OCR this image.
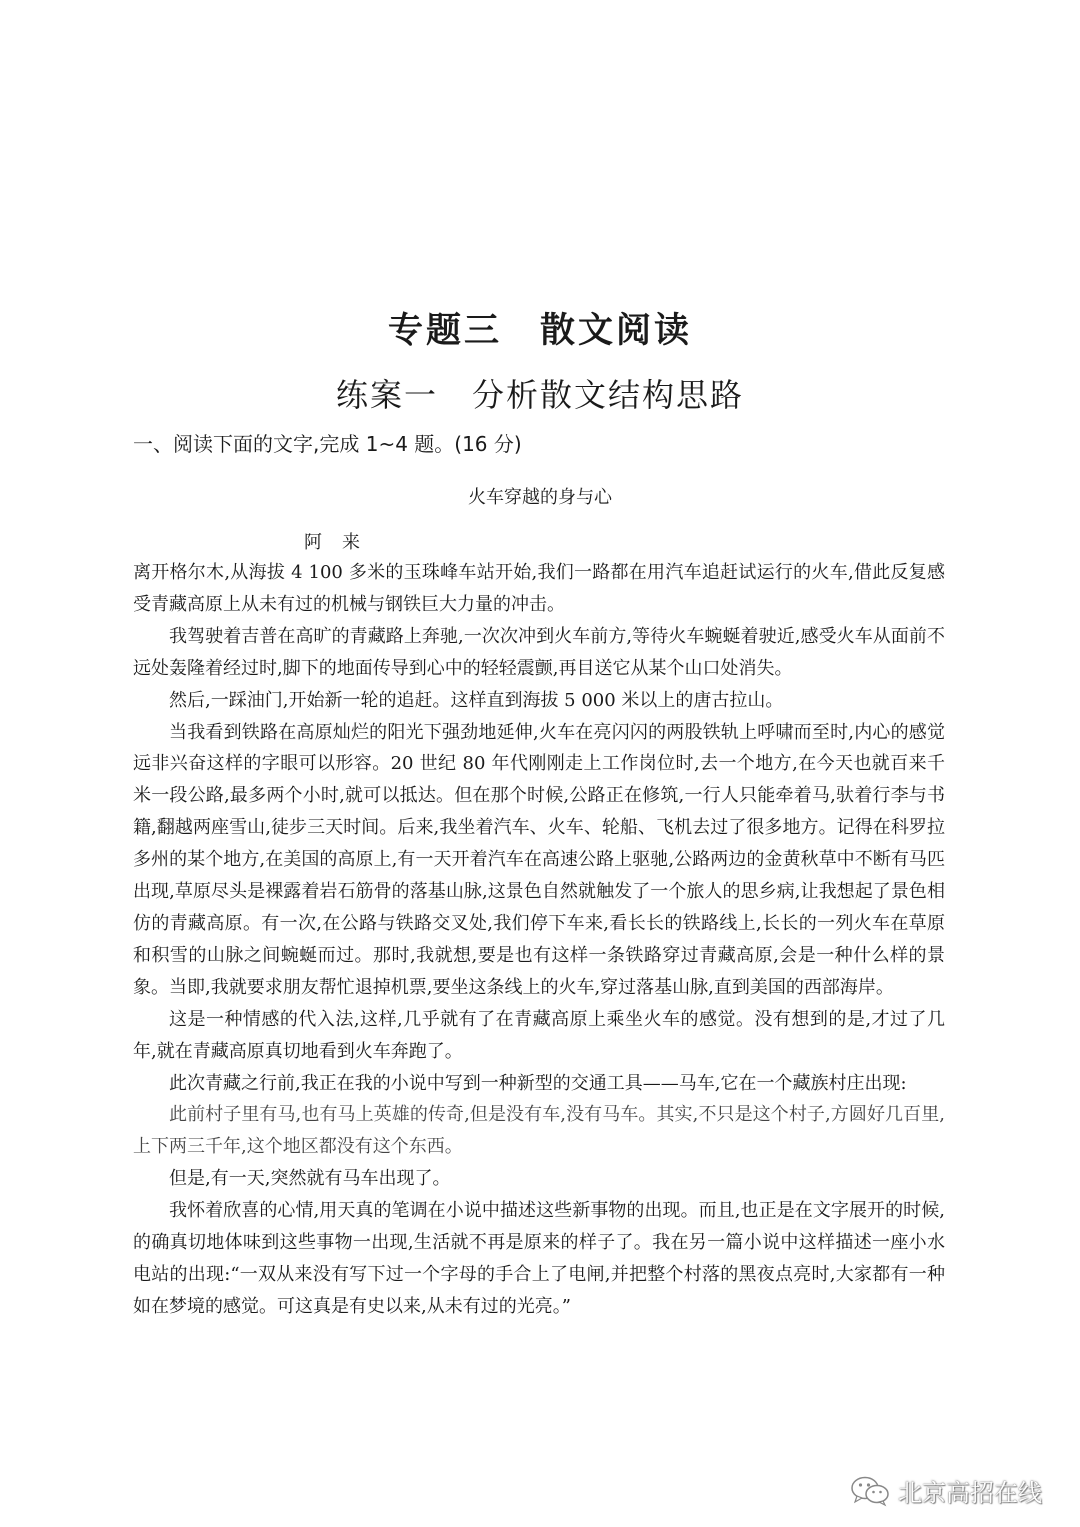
专题三　散文阅读
练案一　分析散文结构思路
一、阅读下面的文字,完成 1~4 题。(16 分)
火车穿越的身与心
阿来

离开格尔木,从海拔 4 100 多米的玉珠峰车站开始,我们一路都在用汽车追赶试运行的火车,借此反复感受青藏高原上从未有过的机械与钢铁巨大力量的冲击。

我驾驶着吉普在高旷的青藏路上奔驰,一次次冲到火车前方,等待火车蜿蜒着驶近,感受火车从面前不远处轰隆着经过时,脚下的地面传导到心中的轻轻震颤,再目送它从某个山口处消失。

然后,一踩油门,开始新一轮的追赶。这样直到海拔 5 000 米以上的唐古拉山。

当我看到铁路在高原灿烂的阳光下强劲地延伸,火车在亮闪闪的两股铁轨上呼啸而至时,内心的感觉远非兴奋这样的字眼可以形容。20 世纪 80 年代刚刚走上工作岗位时,去一个地方,在今天也就百来千米一段公路,最多两个小时,就可以抵达。但在那个时候,公路正在修筑,一行人只能牵着马,驮着行李与书籍,翻越两座雪山,徒步三天时间。后来,我坐着汽车、火车、轮船、飞机去过了很多地方。记得在科罗拉多州的某个地方,在美国的高原上,有一天开着汽车在高速公路上驱驰,公路两边的金黄秋草中不断有马匹出现,草原尽头是裸露着岩石筋骨的落基山脉,这景色自然就触发了一个旅人的思乡病,让我想起了景色相仿的青藏高原。有一次,在公路与铁路交叉处,我们停下车来,看长长的铁路线上,长长的一列火车在草原和积雪的山脉之间蜿蜒而过。那时,我就想,要是也有这样一条铁路穿过青藏高原,会是一种什么样的景象。当即,我就要求朋友帮忙退掉机票,要坐这条线上的火车,穿过落基山脉,直到美国的西部海岸。

这是一种情感的代入法,这样,几乎就有了在青藏高原上乘坐火车的感觉。没有想到的是,才过了几年,就在青藏高原真切地看到火车奔跑了。

此次青藏之行前,我正在我的小说中写到一种新型的交通工具——马车,它在一个藏族村庄出现:

此前村子里有马,也有马上英雄的传奇,但是没有车,没有马车。其实,不只是这个村子,方圆好几百里,上下两三千年,这个地区都没有这个东西。

但是,有一天,突然就有马车出现了。

我怀着欣喜的心情,用天真的笔调在小说中描述这些新事物的出现。而且,也正是在文字展开的时候,的确真切地体味到这些事物一出现,生活就不再是原来的样子了。我在另一篇小说中这样描述一座小水电站的出现:“一双从来没有写下过一个字母的手合上了电闸,并把整个村落的黑夜点亮时,大家都有一种如在梦境的感觉。可这真是有史以来,从未有过的光亮。”

北京高招在线
